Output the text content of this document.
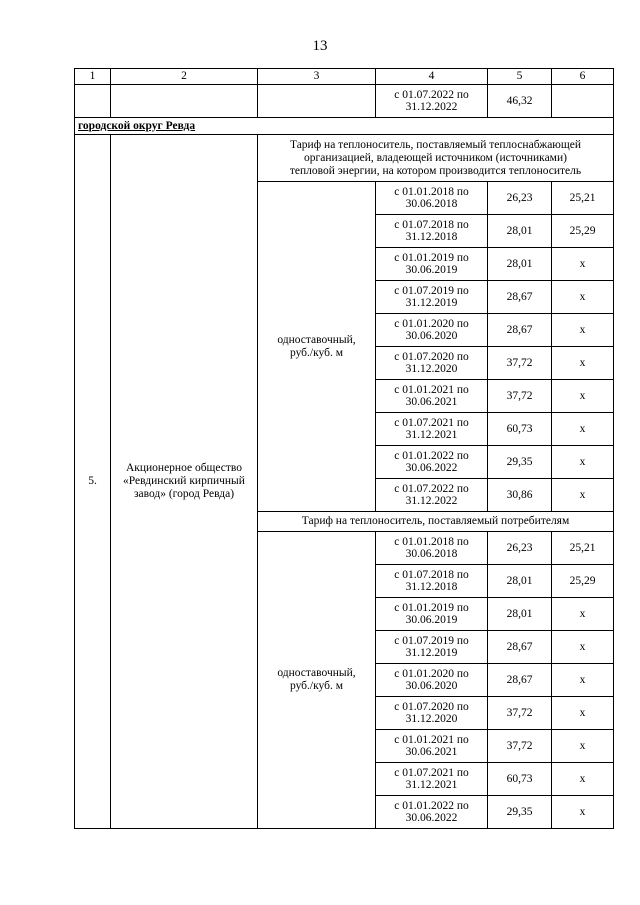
13
1	2	3	4	5	6
			с 01.07.2022 по
31.12.2022	46,32	
городской округ Ревда					
5.	Акционерное общество
«Ревдинский кирпичный
завод» (город Ревда)	Тариф на теплоноситель, поставляемый теплоснабжающей
организацией, владеющей источником (источниками)
тепловой энергии, на котором производится теплоноситель			
		одноставочный,
руб./куб. м	с 01.01.2018 по
30.06.2018	26,23	25,21
			с 01.07.2018 по
31.12.2018	28,01	25,29
			с 01.01.2019 по
30.06.2019	28,01	х
			с 01.07.2019 по
31.12.2019	28,67	х
			с 01.01.2020 по
30.06.2020	28,67	х
			с 01.07.2020 по
31.12.2020	37,72	х
			с 01.01.2021 по
30.06.2021	37,72	х
			с 01.07.2021 по
31.12.2021	60,73	х
			с 01.01.2022 по
30.06.2022	29,35	х
			с 01.07.2022 по
31.12.2022	30,86	х
		Тариф на теплоноситель, поставляемый потребителям			
		одноставочный,
руб./куб. м	с 01.01.2018 по
30.06.2018	26,23	25,21
			с 01.07.2018 по
31.12.2018	28,01	25,29
			с 01.01.2019 по
30.06.2019	28,01	х
			с 01.07.2019 по
31.12.2019	28,67	х
			с 01.01.2020 по
30.06.2020	28,67	х
			с 01.07.2020 по
31.12.2020	37,72	х
			с 01.01.2021 по
30.06.2021	37,72	х
			с 01.07.2021 по
31.12.2021	60,73	х
			с 01.01.2022 по
30.06.2022	29,35	х
